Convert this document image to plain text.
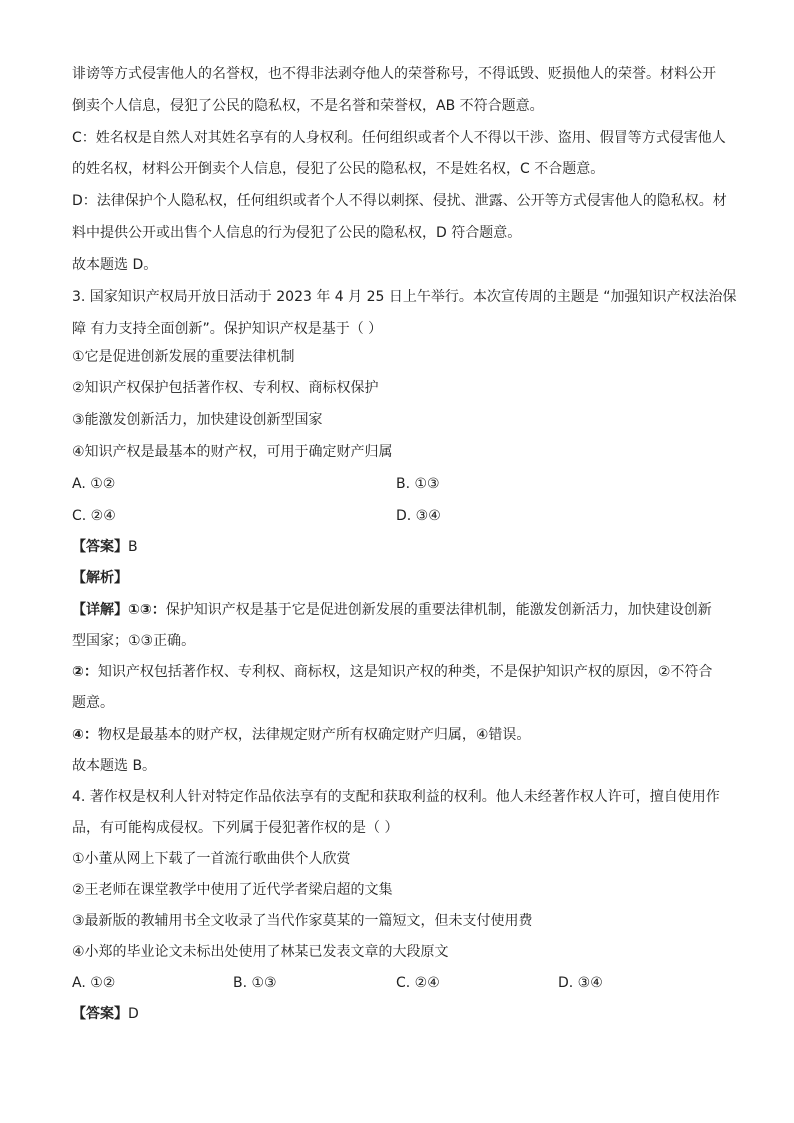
诽谤等方式侵害他人的名誉权，也不得非法剥夺他人的荣誉称号，不得诋毁、贬损他人的荣誉。材料公开
倒卖个人信息，侵犯了公民的隐私权，不是名誉和荣誉权，AB 不符合题意。
C：姓名权是自然人对其姓名享有的人身权利。任何组织或者个人不得以干涉、盗用、假冒等方式侵害他人
的姓名权，材料公开倒卖个人信息，侵犯了公民的隐私权，不是姓名权，C 不合题意。
D：法律保护个人隐私权，任何组织或者个人不得以刺探、侵扰、泄露、公开等方式侵害他人的隐私权。材
料中提供公开或出售个人信息的行为侵犯了公民的隐私权，D 符合题意。
故本题选 D。
3. 国家知识产权局开放日活动于 2023 年 4 月 25 日上午举行。本次宣传周的主题是 “加强知识产权法治保
障 有力支持全面创新”。保护知识产权是基于（ ）
①它是促进创新发展的重要法律机制
②知识产权保护包括著作权、专利权、商标权保护
③能激发创新活力，加快建设创新型国家
④知识产权是最基本的财产权，可用于确定财产归属
A. ①②	B. ①③
C. ②④	D. ③④
【答案】B
【解析】
【详解】①③：保护知识产权是基于它是促进创新发展的重要法律机制，能激发创新活力，加快建设创新
型国家；①③正确。
②：知识产权包括著作权、专利权、商标权，这是知识产权的种类，不是保护知识产权的原因，②不符合
题意。
④：物权是最基本的财产权，法律规定财产所有权确定财产归属，④错误。
故本题选 B。
4. 著作权是权利人针对特定作品依法享有的支配和获取利益的权利。他人未经著作权人许可，擅自使用作
品，有可能构成侵权。下列属于侵犯著作权的是（ ）
①小董从网上下载了一首流行歌曲供个人欣赏
②王老师在课堂教学中使用了近代学者梁启超的文集
③最新版的教辅用书全文收录了当代作家莫某的一篇短文，但未支付使用费
④小郑的毕业论文未标出处使用了林某已发表文章的大段原文
A. ①②	B. ①③	C. ②④	D. ③④
【答案】D
